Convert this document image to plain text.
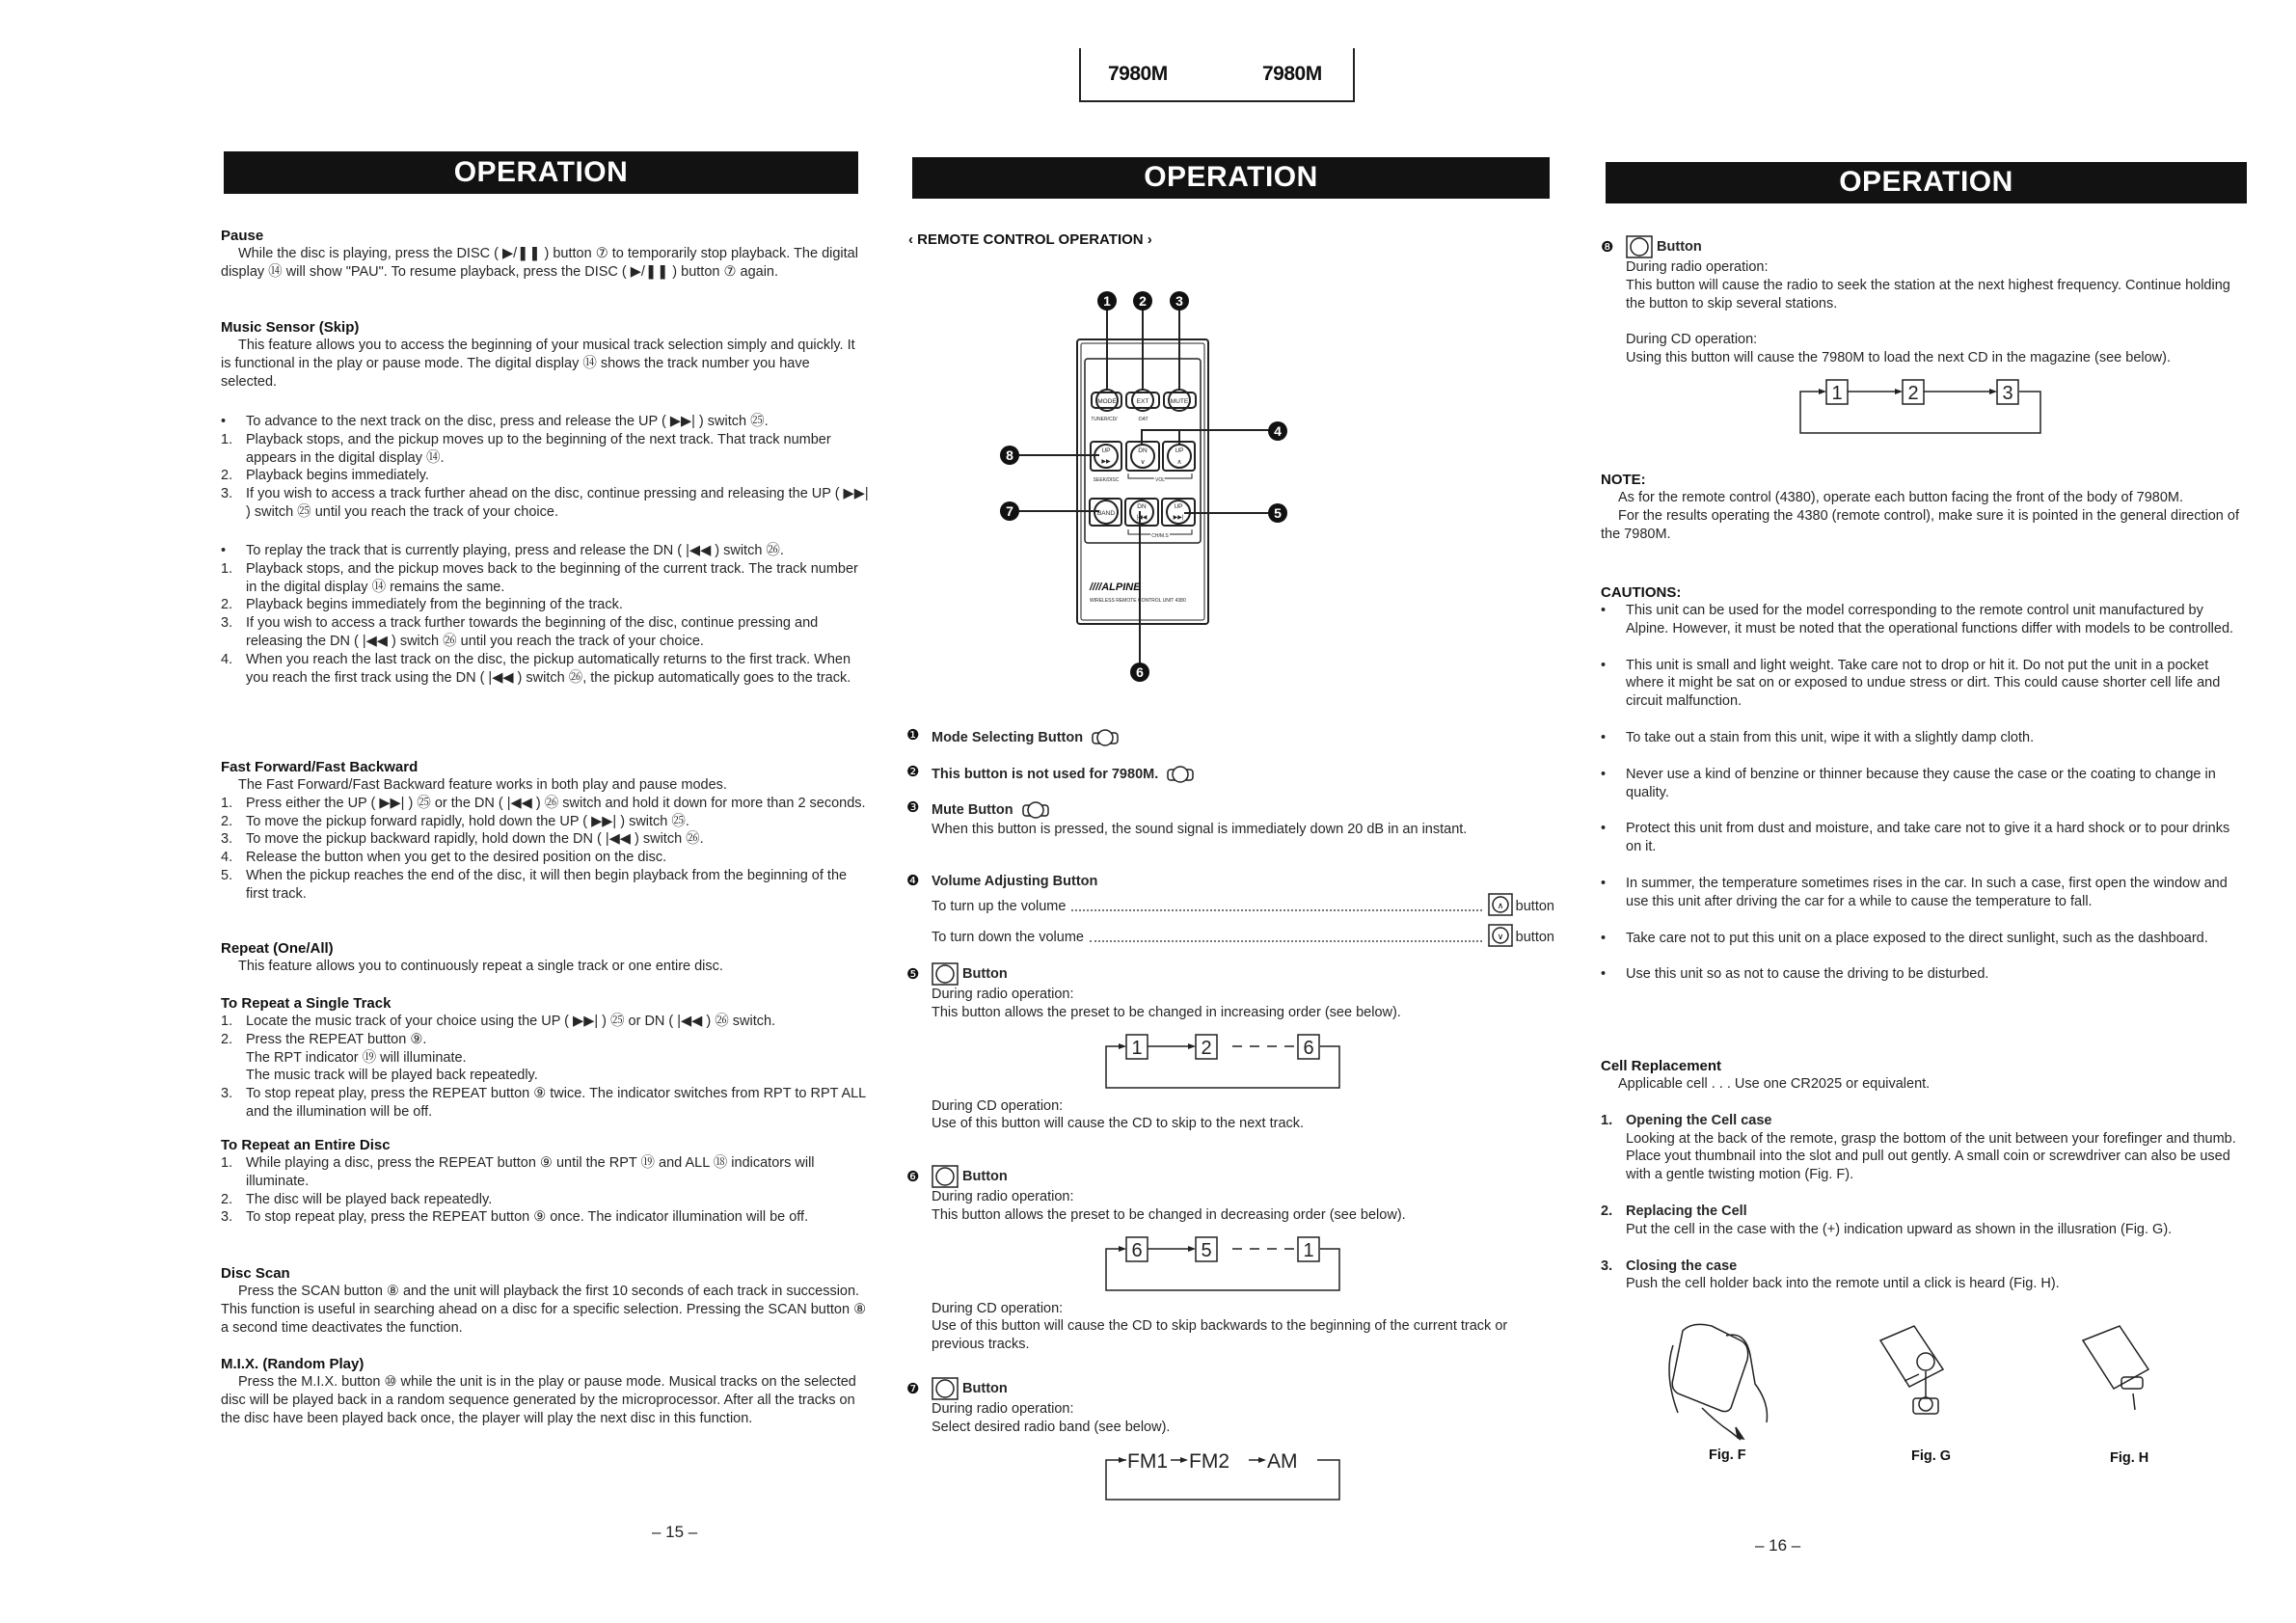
7980M	7980M
OPERATION	OPERATION	OPERATION
Pause

While the disc is playing, press the DISC ( ▶/❚❚ ) button ⑦ to temporarily stop playback. The digital display ⑭ will show "PAU". To resume playback, press the DISC ( ▶/❚❚ ) button ⑦ again.

Music Sensor (Skip)

This feature allows you to access the beginning of your musical track selection simply and quickly. It is functional in the play or pause mode. The digital display ⑭ shows the track number you have selected.

•	To advance to the next track on the disc, press and release the UP ( ▶▶| ) switch ㉕.
1. Playback stops, and the pickup moves up to the beginning of the next track. That track number appears in the digital display ⑭.
2. Playback begins immediately.
3. If you wish to access a track further ahead on the disc, continue pressing and releasing the UP ( ▶▶| ) switch ㉕ until you reach the track of your choice.
•	To replay the track that is currently playing, press and release the DN ( |◀◀ ) switch ㉖.
1. Playback stops, and the pickup moves back to the beginning of the current track. The track number in the digital display ⑭ remains the same.
2. Playback begins immediately from the beginning of the track.
3. If you wish to access a track further towards the beginning of the disc, continue pressing and releasing the DN ( |◀◀ ) switch ㉖ until you reach the track of your choice.
4. When you reach the last track on the disc, the pickup automatically returns to the first track. When you reach the first track using the DN ( |◀◀ ) switch ㉖, the pickup automatically goes to the track.
Fast Forward/Fast Backward

The Fast Forward/Fast Backward feature works in both play and pause modes.

1. Press either the UP ( ▶▶| ) ㉕ or the DN ( |◀◀ ) ㉖ switch and hold it down for more than 2 seconds.
2. To move the pickup forward rapidly, hold down the UP ( ▶▶| ) switch ㉕.
3. To move the pickup backward rapidly, hold down the DN ( |◀◀ ) switch ㉖.
4. Release the button when you get to the desired position on the disc.
5. When the pickup reaches the end of the disc, it will then begin playback from the beginning of the first track.
Repeat (One/All)

This feature allows you to continuously repeat a single track or one entire disc.

To Repeat a Single Track
1. Locate the music track of your choice using the UP ( ▶▶| ) ㉕ or DN ( |◀◀ ) ㉖ switch.
2. Press the REPEAT button ⑨.
The RPT indicator ⑲ will illuminate.
The music track will be played back repeatedly.
3. To stop repeat play, press the REPEAT button ⑨ twice. The indicator switches from RPT to RPT ALL and the illumination will be off.
To Repeat an Entire Disc
1. While playing a disc, press the REPEAT button ⑨ until the RPT ⑲ and ALL ⑱ indicators will illuminate.
2. The disc will be played back repeatedly.
3. To stop repeat play, press the REPEAT button ⑨ once. The indicator illumination will be off.
Disc Scan

Press the SCAN button ⑧ and the unit will playback the first 10 seconds of each track in succession. This function is useful in searching ahead on a disc for a specific selection. Pressing the SCAN button ⑧ a second time deactivates the function.

M.I.X. (Random Play)

Press the M.I.X. button ⑩ while the unit is in the play or pause mode. Musical tracks on the selected disc will be played back in a random sequence generated by the microprocessor. After all the tracks on the disc have been played back once, the player will play the next disc in this function.

– 15 –
‹ REMOTE CONTROL OPERATION ›
1 2 3
4
5
6
7
8
MODE	EXT	MUTE
TUNER/CD/	·DAT
UP
▶▶
DN
∨
UP
∧
SEEK/DISC	VOL
BAND
DN
|◀◀
UP
▶▶|
CH/M.S
////ALPINE
WIRELESS REMOTE CONTROL UNIT 4380
❶ Mode Selecting Button
❷ This button is not used for 7980M.
❸ Mute Button

When this button is pressed, the sound signal is immediately down 20 dB in an instant.

❹ Volume Adjusting Button
To turn up the volume	∧ button
To turn down the volume	∨ button
❺	Button

During radio operation:

This button allows the preset to be changed in increasing order (see below).

1	2	6

During CD operation:

Use of this button will cause the CD to skip to the next track.

❻	Button

During radio operation:

This button allows the preset to be changed in decreasing order (see below).

6	5	1

During CD operation:

Use of this button will cause the CD to skip backwards to the beginning of the current track or previous tracks.

❼	Button

During radio operation:

Select desired radio band (see below).

FM1 FM2 AM
❽	Button

During radio operation:

This button will cause the radio to seek the station at the next highest frequency. Continue holding the button to skip several stations.

During CD operation:

Using this button will cause the 7980M to load the next CD in the magazine (see below).

1	2	3
NOTE:

As for the remote control (4380), operate each button facing the front of the body of 7980M.

For the results operating the 4380 (remote control), make sure it is pointed in the general direction of the 7980M.

CAUTIONS:
•	This unit can be used for the model corresponding to the remote control unit manufactured by Alpine. However, it must be noted that the operational functions differ with models to be controlled.
•	This unit is small and light weight. Take care not to drop or hit it. Do not put the unit in a pocket where it might be sat on or exposed to undue stress or dirt. This could cause shorter cell life and circuit malfunction.
•	To take out a stain from this unit, wipe it with a slightly damp cloth.
•	Never use a kind of benzine or thinner because they cause the case or the coating to change in quality.
•	Protect this unit from dust and moisture, and take care not to give it a hard shock or to pour drinks on it.
•	In summer, the temperature sometimes rises in the car. In such a case, first open the window and use this unit after driving the car for a while to cause the temperature to fall.
•	Take care not to put this unit on a place exposed to the direct sunlight, such as the dashboard.
•	Use this unit so as not to cause the driving to be disturbed.
Cell Replacement

Applicable cell . . . Use one CR2025 or equivalent.

1. Opening the Cell case

Looking at the back of the remote, grasp the bottom of the unit between your forefinger and thumb. Place yout thumbnail into the slot and pull out gently. A small coin or screwdriver can also be used with a gentle twisting motion (Fig. F).

2. Replacing the Cell

Put the cell in the case with the (+) indication upward as shown in the illusration (Fig. G).

3. Closing the case

Push the cell holder back into the remote until a click is heard (Fig. H).

Fig. F	Fig. G	Fig. H
– 16 –
